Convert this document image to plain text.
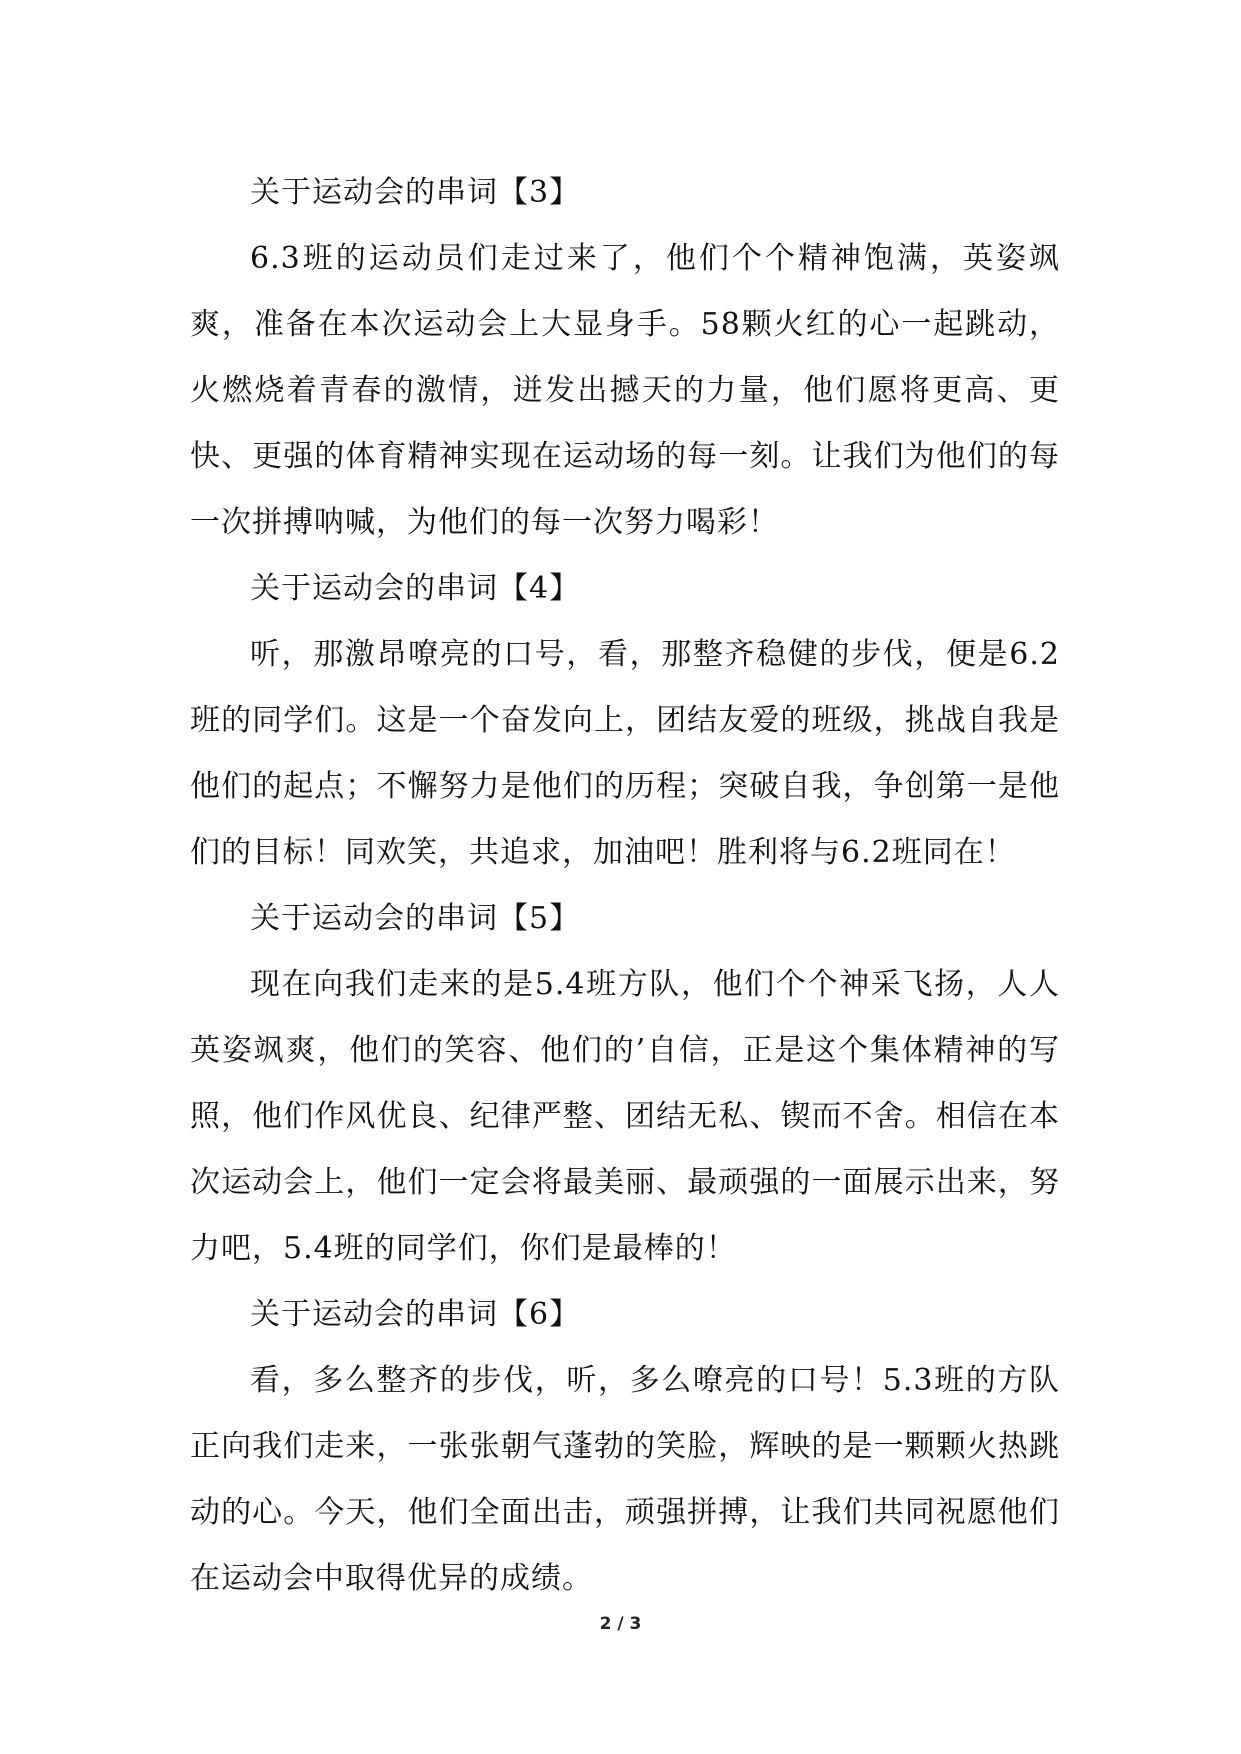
关于运动会的串词【3】

6.3班的运动员们走过来了，他们个个精神饱满，英姿飒爽，准备在本次运动会上大显身手。58颗火红的心一起跳动，火燃烧着青春的激情，迸发出撼天的力量，他们愿将更高、更快、更强的体育精神实现在运动场的每一刻。让我们为他们的每一次拼搏呐喊，为他们的每一次努力喝彩！

关于运动会的串词【4】

听，那激昂嘹亮的口号，看，那整齐稳健的步伐，便是6.2班的同学们。这是一个奋发向上，团结友爱的班级，挑战自我是他们的起点；不懈努力是他们的历程；突破自我，争创第一是他们的目标！同欢笑，共追求，加油吧！胜利将与6.2班同在！

关于运动会的串词【5】

现在向我们走来的是5.4班方队，他们个个神采飞扬，人人英姿飒爽，他们的笑容、他们的’自信，正是这个集体精神的写照，他们作风优良、纪律严整、团结无私、锲而不舍。相信在本次运动会上，他们一定会将最美丽、最顽强的一面展示出来，努力吧，5.4班的同学们，你们是最棒的！

关于运动会的串词【6】

看，多么整齐的步伐，听，多么嘹亮的口号！5.3班的方队正向我们走来，一张张朝气蓬勃的笑脸，辉映的是一颗颗火热跳动的心。今天，他们全面出击，顽强拼搏，让我们共同祝愿他们在运动会中取得优异的成绩。

2 / 3
